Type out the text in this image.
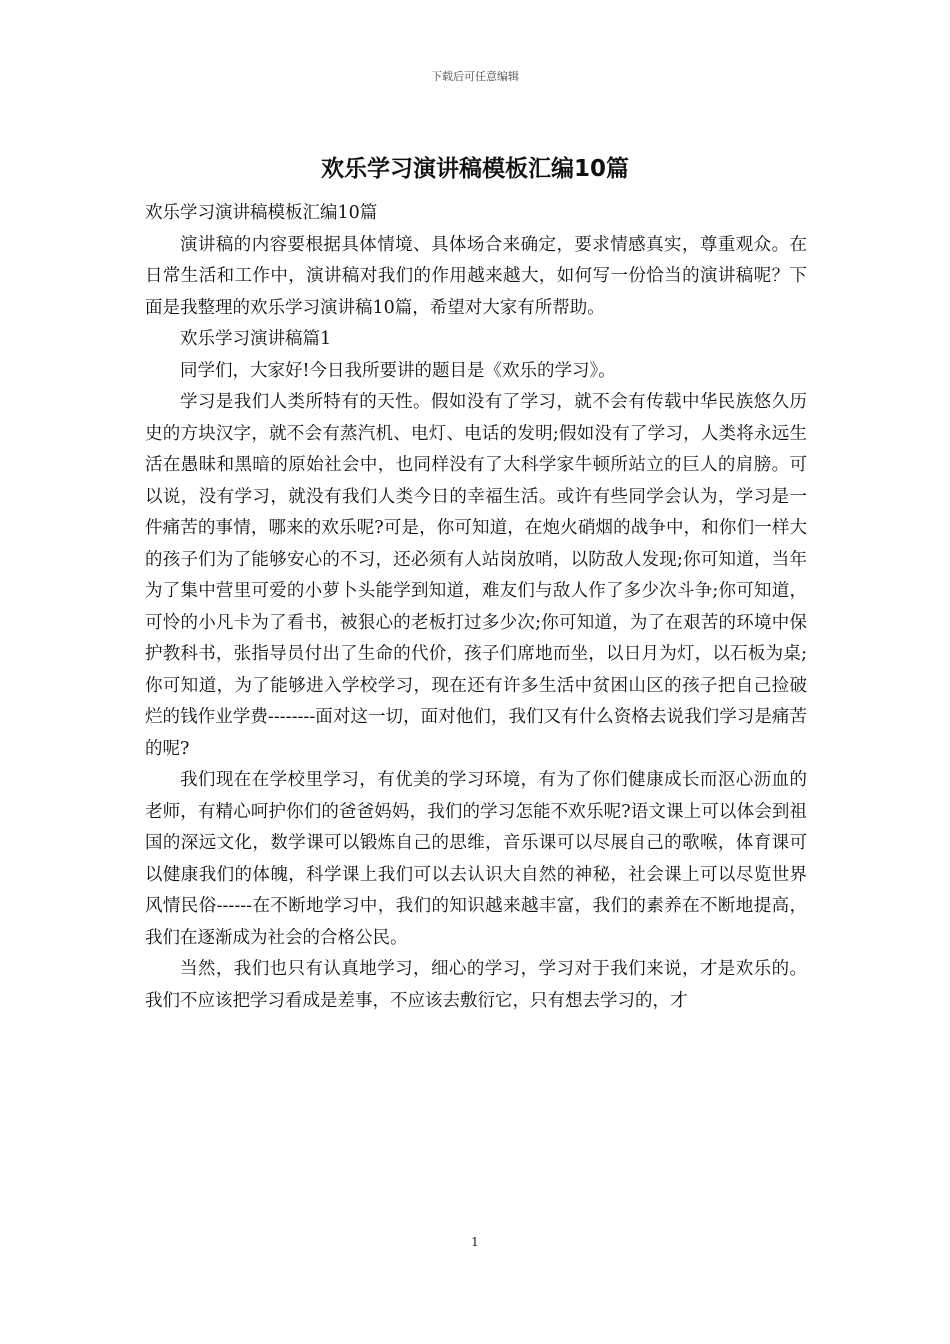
下载后可任意编辑
欢乐学习演讲稿模板汇编10篇

欢乐学习演讲稿模板汇编10篇

演讲稿的内容要根据具体情境、具体场合来确定，要求情感真实，尊重观众。在日常生活和工作中，演讲稿对我们的作用越来越大，如何写一份恰当的演讲稿呢？下面是我整理的欢乐学习演讲稿10篇，希望对大家有所帮助。

欢乐学习演讲稿篇1

同学们，大家好!今日我所要讲的题目是《欢乐的学习》。

学习是我们人类所特有的天性。假如没有了学习，就不会有传载中华民族悠久历史的方块汉字，就不会有蒸汽机、电灯、电话的发明;假如没有了学习，人类将永远生活在愚昧和黑暗的原始社会中，也同样没有了大科学家牛顿所站立的巨人的肩膀。可以说，没有学习，就没有我们人类今日的幸福生活。或许有些同学会认为，学习是一件痛苦的事情，哪来的欢乐呢?可是，你可知道，在炮火硝烟的战争中，和你们一样大的孩子们为了能够安心的不习，还必须有人站岗放哨，以防敌人发现;你可知道，当年为了集中营里可爱的小萝卜头能学到知道，难友们与敌人作了多少次斗争;你可知道，可怜的小凡卡为了看书，被狠心的老板打过多少次;你可知道，为了在艰苦的环境中保护教科书，张指导员付出了生命的代价，孩子们席地而坐，以日月为灯，以石板为桌;你可知道，为了能够进入学校学习，现在还有许多生活中贫困山区的孩子把自己捡破烂的钱作业学费--------面对这一切，面对他们，我们又有什么资格去说我们学习是痛苦的呢?

我们现在在学校里学习，有优美的学习环境，有为了你们健康成长而沤心沥血的老师，有精心呵护你们的爸爸妈妈，我们的学习怎能不欢乐呢?语文课上可以体会到祖国的深远文化，数学课可以锻炼自己的思维，音乐课可以尽展自己的歌喉，体育课可以健康我们的体魄，科学课上我们可以去认识大自然的神秘，社会课上可以尽览世界风情民俗------在不断地学习中，我们的知识越来越丰富，我们的素养在不断地提高，我们在逐渐成为社会的合格公民。

当然，我们也只有认真地学习，细心的学习，学习对于我们来说，才是欢乐的。我们不应该把学习看成是差事，不应该去敷衍它，只有想去学习的，才

1
